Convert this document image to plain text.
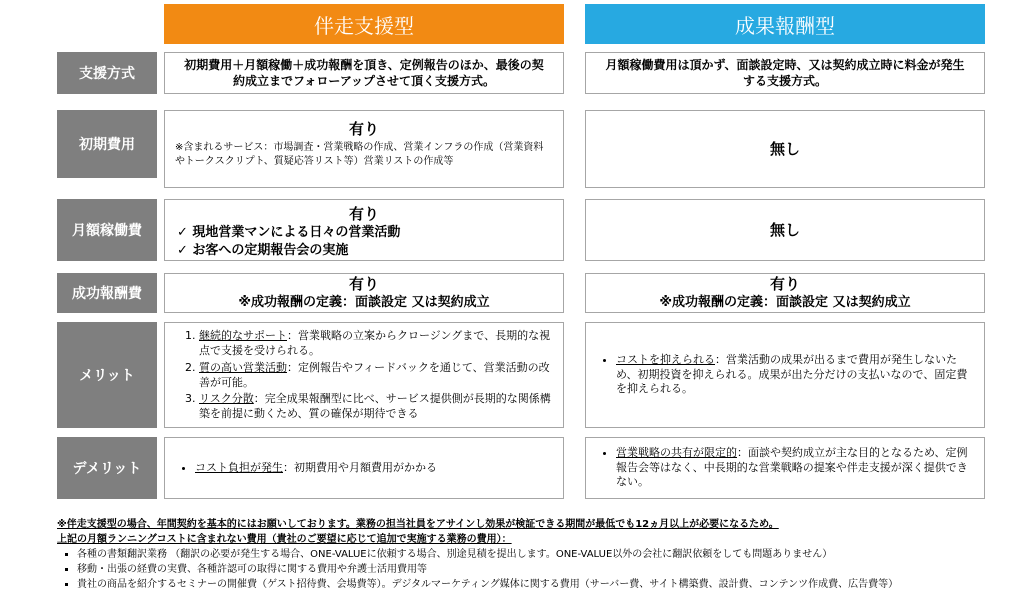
伴走支援型	成果報酬型
支援方式
初期費用＋月額稼働＋成功報酬を頂き、定例報告のほか、最後の契約成立までフォローアップさせて頂く支援方式。
月額稼働費用は頂かず、面談設定時、又は契約成立時に料金が発生する支援方式。
初期費用
有り
※含まれるサービス：市場調査・営業戦略の作成、営業インフラの作成（営業資料やトークスクリプト、質疑応答リスト等）営業リストの作成等
無し
月額稼働費
有り
✓ 現地営業マンによる日々の営業活動
✓ お客への定期報告会の実施
無し
成功報酬費
有り
※成功報酬の定義：面談設定 又は契約成立
有り
※成功報酬の定義：面談設定 又は契約成立
メリット
1. 継続的なサポート：営業戦略の立案からクロージングまで、長期的な視点で支援を受けられる。
2. 質の高い営業活動：定例報告やフィードバックを通じて、営業活動の改善が可能。
3. リスク分散：完全成果報酬型に比べ、サービス提供側が長期的な関係構築を前提に動くため、質の確保が期待できる
• コストを抑えられる：営業活動の成果が出るまで費用が発生しないため、初期投資を抑えられる。成果が出た分だけの支払いなので、固定費を抑えられる。
デメリット
•	コスト負担が発生：初期費用や月額費用がかかる
• 営業戦略の共有が限定的：面談や契約成立が主な目的となるため、定例報告会等はなく、中長期的な営業戦略の提案や伴走支援が深く提供できない。
※伴走支援型の場合、年間契約を基本的にはお願いしております。業務の担当社員をアサインし効果が検証できる期間が最低でも12ヵ月以上が必要になるため。
上記の月額ランニングコストに含まれない費用（貴社のご要望に応じて追加で実施する業務の費用）：
▪ 各種の書類翻訳業務 （翻訳の必要が発生する場合、ONE-VALUEに依頼する場合、別途見積を提出します。ONE-VALUE以外の会社に翻訳依頼をしても問題ありません）
▪ 移動・出張の経費の実費、各種許認可の取得に関する費用や弁護士活用費用等
▪ 貴社の商品を紹介するセミナーの開催費（ゲスト招待費、会場費等）。デジタルマーケティング媒体に関する費用（サーバー費、サイト構築費、設計費、コンテンツ作成費、広告費等）
